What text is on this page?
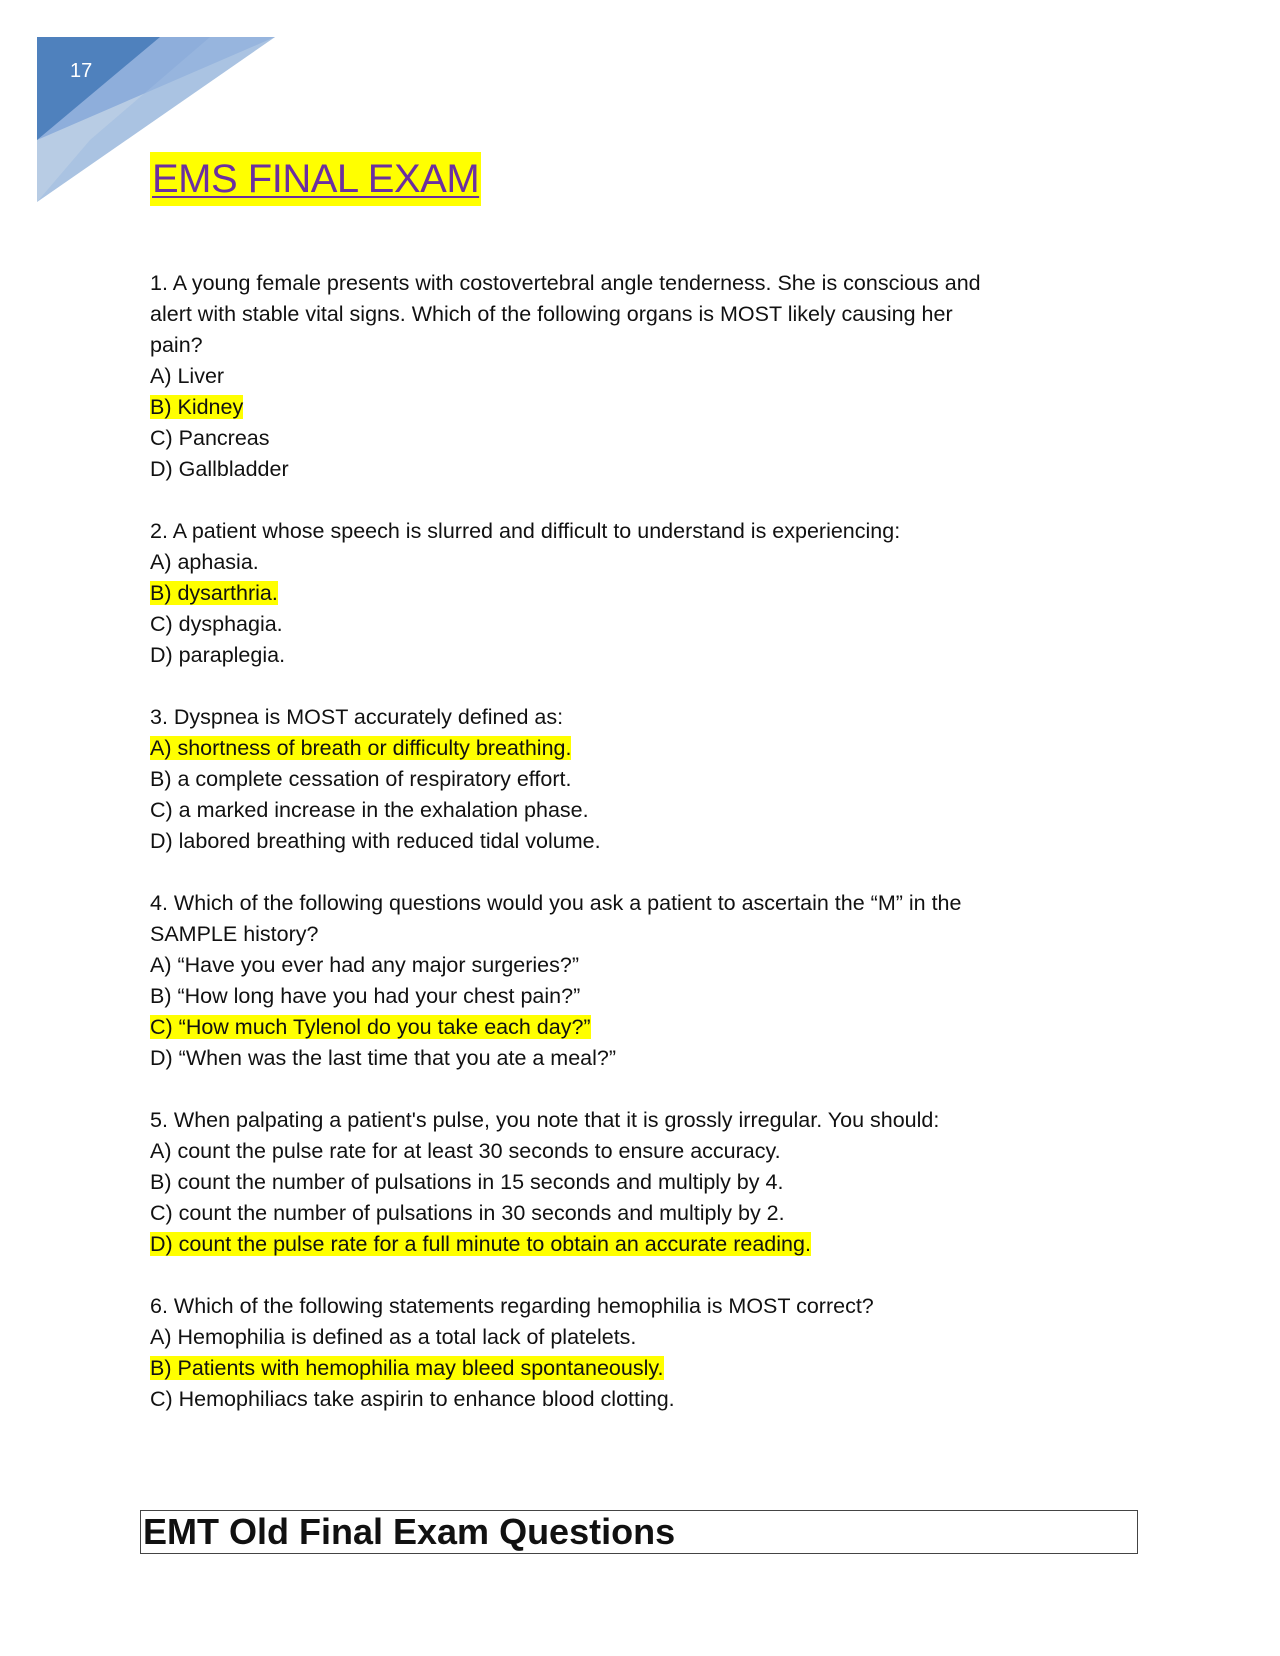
17
EMS FINAL EXAM
1. A young female presents with costovertebral angle tenderness. She is conscious and
alert with stable vital signs. Which of the following organs is MOST likely causing her
pain?
A) Liver
B) Kidney
C) Pancreas
D) Gallbladder
2. A patient whose speech is slurred and difficult to understand is experiencing:
A) aphasia.
B) dysarthria.
C) dysphagia.
D) paraplegia.
3. Dyspnea is MOST accurately defined as:
A) shortness of breath or difficulty breathing.
B) a complete cessation of respiratory effort.
C) a marked increase in the exhalation phase.
D) labored breathing with reduced tidal volume.
4. Which of the following questions would you ask a patient to ascertain the “M” in the
SAMPLE history?
A) “Have you ever had any major surgeries?”
B) “How long have you had your chest pain?”
C) “How much Tylenol do you take each day?”
D) “When was the last time that you ate a meal?”
5. When palpating a patient's pulse, you note that it is grossly irregular. You should:
A) count the pulse rate for at least 30 seconds to ensure accuracy.
B) count the number of pulsations in 15 seconds and multiply by 4.
C) count the number of pulsations in 30 seconds and multiply by 2.
D) count the pulse rate for a full minute to obtain an accurate reading.
6. Which of the following statements regarding hemophilia is MOST correct?
A) Hemophilia is defined as a total lack of platelets.
B) Patients with hemophilia may bleed spontaneously.
C) Hemophiliacs take aspirin to enhance blood clotting.
EMT Old Final Exam Questions
